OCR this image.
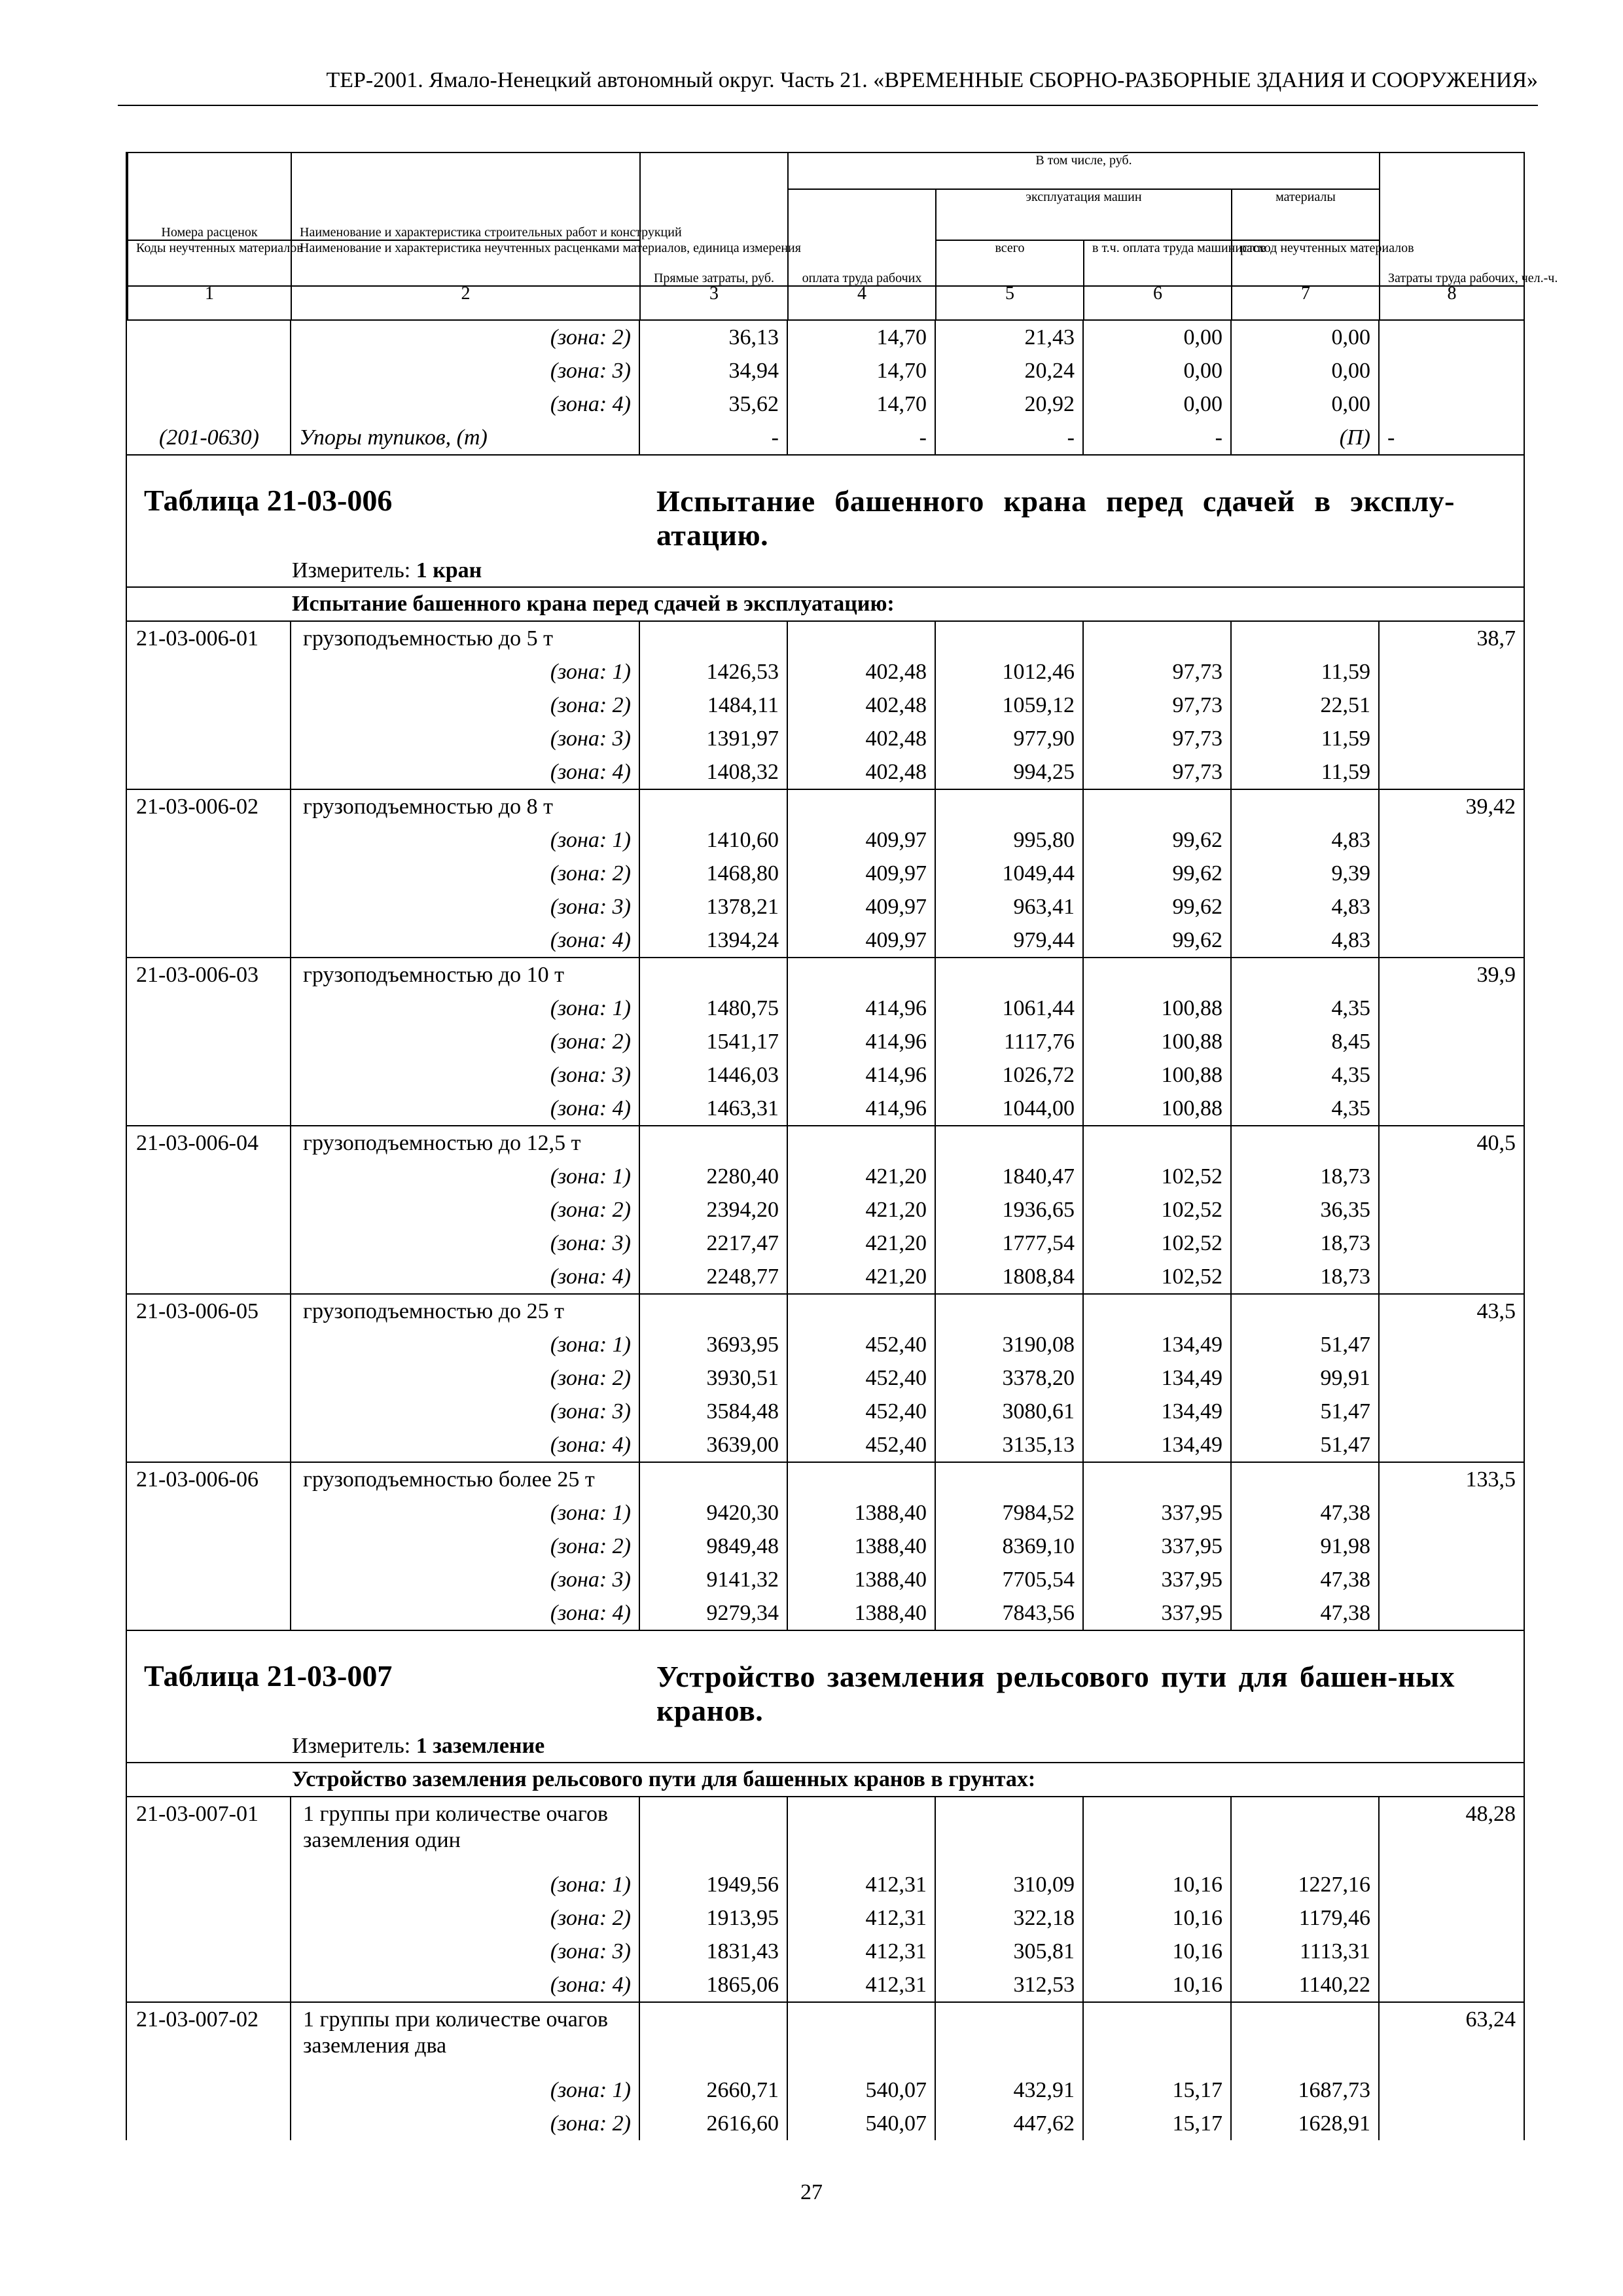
ТЕР-2001. Ямало-Ненецкий автономный округ. Часть 21. «ВРЕМЕННЫЕ СБОРНО-РАЗБОРНЫЕ ЗДАНИЯ И СООРУЖЕНИЯ»
Номера расценок	Наименование и характеристика строительных работ и конструкций	Прямые затраты, руб.	В том числе, руб.				Затраты труда рабочих, чел.-ч.
			оплата труда рабочих	эксплуатация машин		материалы	
Коды неучтенных материалов	Наименование и характеристика неучтенных расценками материалов, единица измерения			всего	в т.ч. оплата труда машинистов	расход неучтенных материалов	
1	2	3	4	5	6	7	8
	(зона: 2)	36,13	14,70	21,43	0,00	0,00	
	(зона: 3)	34,94	14,70	20,24	0,00	0,00	
	(зона: 4)	35,62	14,70	20,92	0,00	0,00	
(201-0630)	Упоры тупиков, (т)	-	-	-	-	(П)	-
Таблица 21-03-006	Испытание башенного крана перед сдачей в эксплу-атацию.
Измеритель: 1 кран
Испытание башенного крана перед сдачей в эксплуатацию:
21-03-006-01	грузоподъемностью до 5 т						38,7
	(зона: 1)	1426,53	402,48	1012,46	97,73	11,59	
	(зона: 2)	1484,11	402,48	1059,12	97,73	22,51	
	(зона: 3)	1391,97	402,48	977,90	97,73	11,59	
	(зона: 4)	1408,32	402,48	994,25	97,73	11,59	
21-03-006-02	грузоподъемностью до 8 т						39,42
	(зона: 1)	1410,60	409,97	995,80	99,62	4,83	
	(зона: 2)	1468,80	409,97	1049,44	99,62	9,39	
	(зона: 3)	1378,21	409,97	963,41	99,62	4,83	
	(зона: 4)	1394,24	409,97	979,44	99,62	4,83	
21-03-006-03	грузоподъемностью до 10 т						39,9
	(зона: 1)	1480,75	414,96	1061,44	100,88	4,35	
	(зона: 2)	1541,17	414,96	1117,76	100,88	8,45	
	(зона: 3)	1446,03	414,96	1026,72	100,88	4,35	
	(зона: 4)	1463,31	414,96	1044,00	100,88	4,35	
21-03-006-04	грузоподъемностью до 12,5 т						40,5
	(зона: 1)	2280,40	421,20	1840,47	102,52	18,73	
	(зона: 2)	2394,20	421,20	1936,65	102,52	36,35	
	(зона: 3)	2217,47	421,20	1777,54	102,52	18,73	
	(зона: 4)	2248,77	421,20	1808,84	102,52	18,73	
21-03-006-05	грузоподъемностью до 25 т						43,5
	(зона: 1)	3693,95	452,40	3190,08	134,49	51,47	
	(зона: 2)	3930,51	452,40	3378,20	134,49	99,91	
	(зона: 3)	3584,48	452,40	3080,61	134,49	51,47	
	(зона: 4)	3639,00	452,40	3135,13	134,49	51,47	
21-03-006-06	грузоподъемностью более 25 т						133,5
	(зона: 1)	9420,30	1388,40	7984,52	337,95	47,38	
	(зона: 2)	9849,48	1388,40	8369,10	337,95	91,98	
	(зона: 3)	9141,32	1388,40	7705,54	337,95	47,38	
	(зона: 4)	9279,34	1388,40	7843,56	337,95	47,38	
Таблица 21-03-007	Устройство заземления рельсового пути для башен-ных кранов.
Измеритель: 1 заземление
Устройство заземления рельсового пути для башенных кранов в грунтах:
21-03-007-01	1 группы при количестве очагов заземления один						48,28
	(зона: 1)	1949,56	412,31	310,09	10,16	1227,16	
	(зона: 2)	1913,95	412,31	322,18	10,16	1179,46	
	(зона: 3)	1831,43	412,31	305,81	10,16	1113,31	
	(зона: 4)	1865,06	412,31	312,53	10,16	1140,22	
21-03-007-02	1 группы при количестве очагов заземления два						63,24
	(зона: 1)	2660,71	540,07	432,91	15,17	1687,73	
	(зона: 2)	2616,60	540,07	447,62	15,17	1628,91	
27
